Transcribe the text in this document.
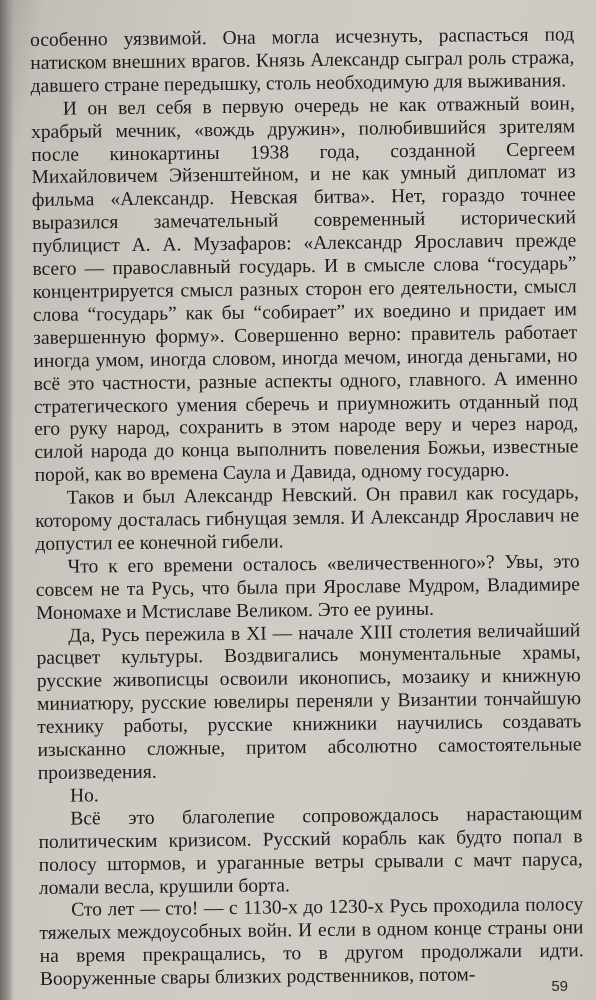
особенно уязвимой. Она могла исчезнуть, распасться под натиском внешних врагов. Князь Александр сыграл роль стража, давшего стране передышку, столь необходимую для выживания.

И он вел себя в первую очередь не как отважный воин, храбрый мечник, «вождь дружин», полюбившийся зрителям после кинокартины 1938 года, созданной Сергеем Михайловичем Эйзенштейном, и не как умный дипломат из фильма «Александр. Невская битва». Нет, гораздо точнее выразился замечательный современный исторический публицист А. А. Музафаров: «Александр Ярославич прежде всего — православный государь. И в смысле слова “государь” концентрируется смысл разных сторон его деятельности, смысл слова “государь” как бы “собирает” их воедино и придает им завершенную форму». Совершенно верно: правитель работает иногда умом, иногда словом, иногда мечом, иногда деньгами, но всё это частности, разные аспекты одного, главного. А именно стратегического умения сберечь и приумножить отданный под его руку народ, сохранить в этом народе веру и через народ, силой народа до конца выполнить повеления Божьи, известные порой, как во времена Саула и Давида, одному государю.

Таков и был Александр Невский. Он правил как государь, которому досталась гибнущая земля. И Александр Ярославич не допустил ее конечной гибели.

Что к его времени осталось «величественного»? Увы, это совсем не та Русь, что была при Ярославе Мудром, Владимире Мономахе и Мстиславе Великом. Это ее руины.

Да, Русь пережила в XI — начале XIII столетия величайший расцвет культуры. Воздвигались монументальные храмы, русские живописцы освоили иконопись, мозаику и книжную миниатюру, русские ювелиры переняли у Византии тончайшую технику работы, русские книжники научились создавать изысканно сложные, притом абсолютно самостоятельные произведения.

Но.

Всё это благолепие сопровождалось нарастающим политическим кризисом. Русский корабль как будто попал в полосу штормов, и ураганные ветры срывали с мачт паруса, ломали весла, крушили борта.

Сто лет — сто! — с 1130-х до 1230-х Русь проходила полосу тяжелых междоусобных войн. И если в одном конце страны они на время прекращались, то в другом продолжали идти. Вооруженные свары близких родственников, потом-	59
